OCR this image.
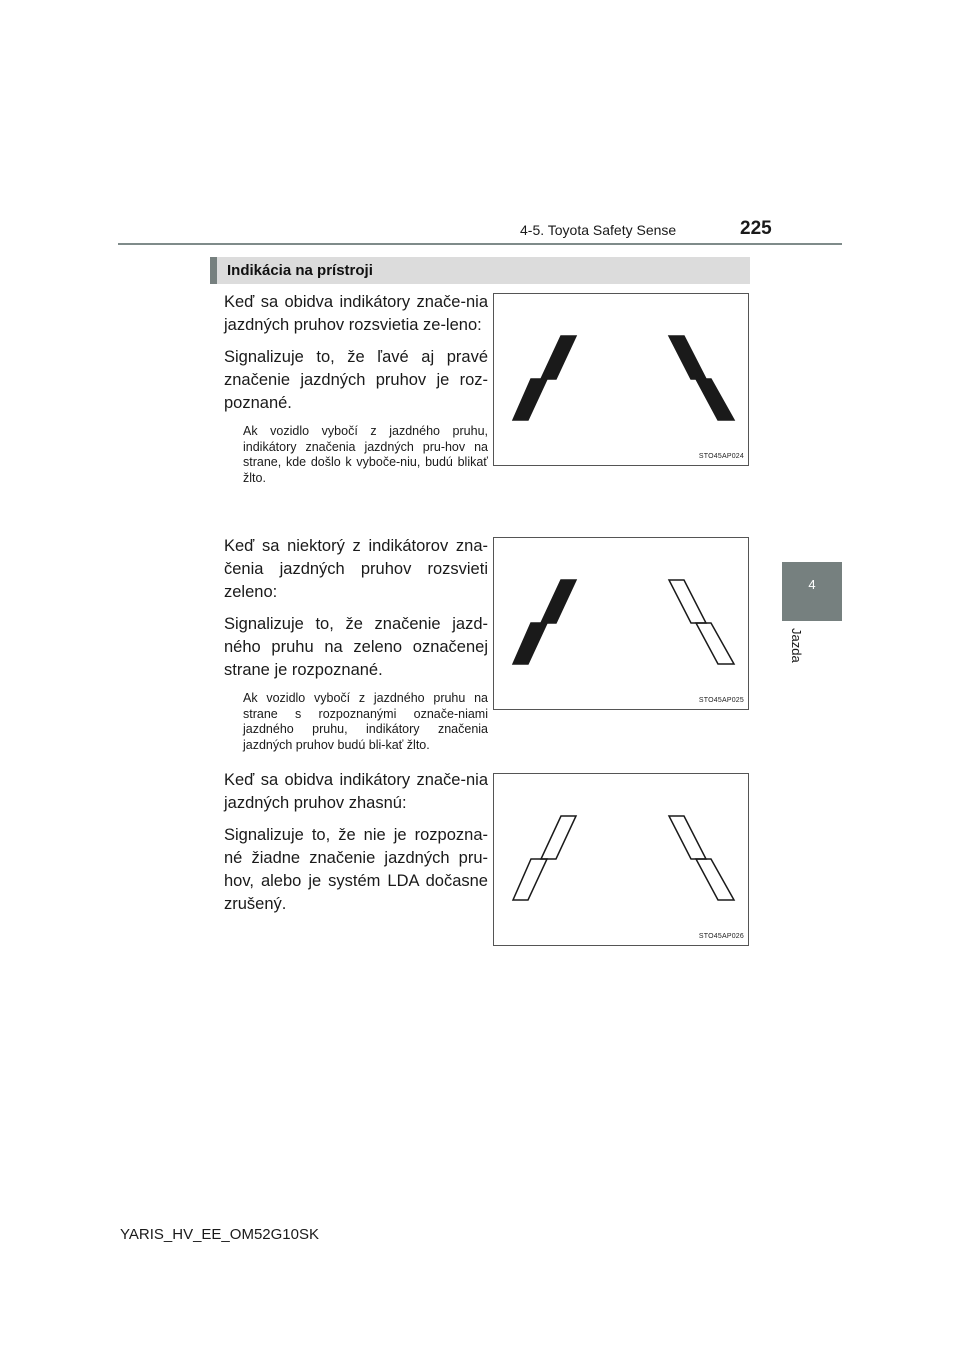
4-5. Toyota Safety Sense	225
4
Jazda
Indikácia na prístroji

Keď sa obidva indikátory znače-nia jazdných pruhov rozsvietia ze-leno:

Signalizuje to, že ľavé aj pravé značenie jazdných pruhov je roz-poznané.

Ak vozidlo vybočí z jazdného pruhu, indikátory značenia jazdných pru-hov na strane, kde došlo k vyboče-niu, budú blikať žlto.

STO45AP024

Keď sa niektorý z indikátorov zna-čenia jazdných pruhov rozsvieti zeleno:

Signalizuje to, že značenie jazd-ného pruhu na zeleno označenej strane je rozpoznané.

Ak vozidlo vybočí z jazdného pruhu na strane s rozpoznanými označe-niami jazdného pruhu, indikátory značenia jazdných pruhov budú bli-kať žlto.

STO45AP025

Keď sa obidva indikátory znače-nia jazdných pruhov zhasnú:

Signalizuje to, že nie je rozpozna-né žiadne značenie jazdných pru-hov, alebo je systém LDA dočasne zrušený.

STO45AP026
YARIS_HV_EE_OM52G10SK
